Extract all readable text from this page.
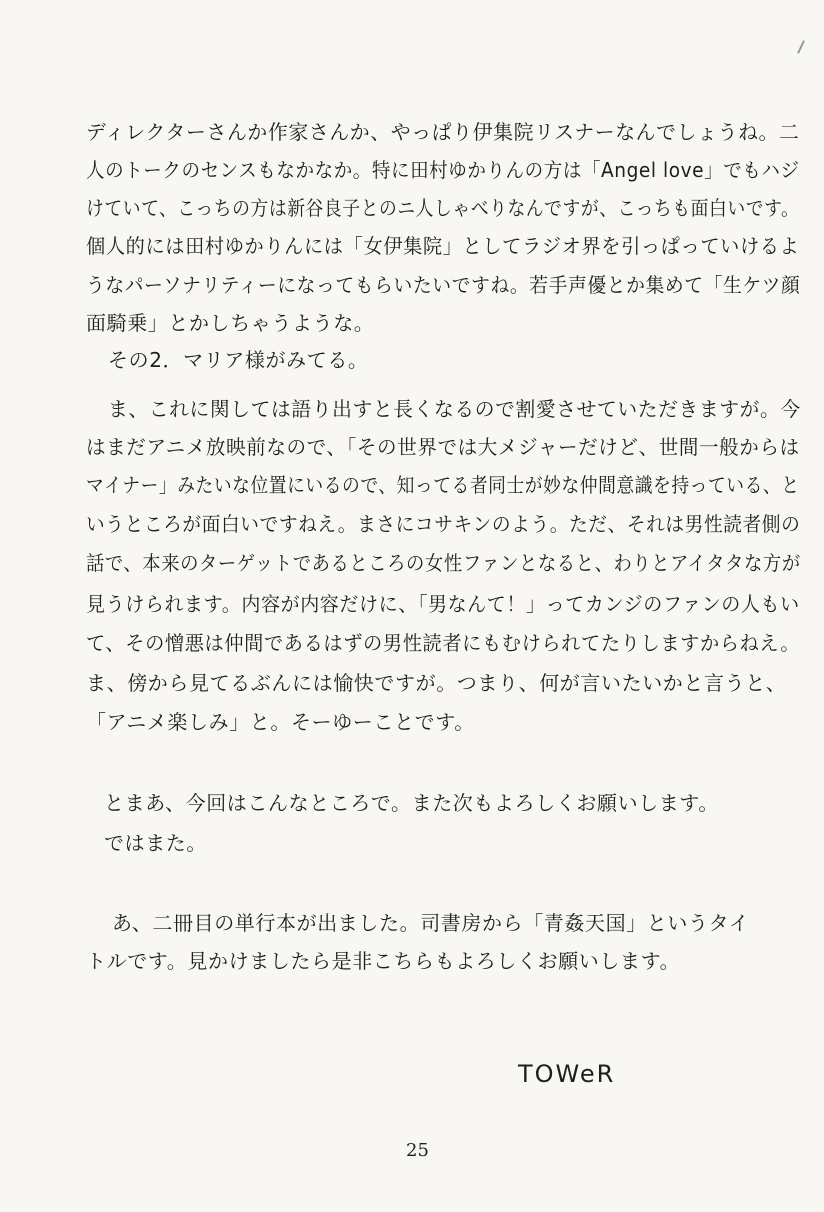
ディレクターさんか作家さんか、やっぱり伊集院リスナーなんでしょうね。二
人のトークのセンスもなかなか。特に田村ゆかりんの方は「Angel love」でもハジ
けていて、こっちの方は新谷良子とのニ人しゃべりなんですが、こっちも面白いです。
個人的には田村ゆかりんには「女伊集院」としてラジオ界を引っぱっていけるよ
うなパーソナリティーになってもらいたいですね。若手声優とか集めて「生ケツ顔
面騎乗」とかしちゃうような。
その2．マリア様がみてる。
ま、これに関しては語り出すと長くなるので割愛させていただきますが。今
はまだアニメ放映前なので、「その世界では大メジャーだけど、世間一般からは
マイナー」みたいな位置にいるので、知ってる者同士が妙な仲間意識を持っている、と
いうところが面白いですねえ。まさにコサキンのよう。ただ、それは男性読者側の
話で、本来のターゲットであるところの女性ファンとなると、わりとアイタタな方が
見うけられます。内容が内容だけに、「男なんて！」ってカンジのファンの人もい
て、その憎悪は仲間であるはずの男性読者にもむけられてたりしますからねえ。
ま、傍から見てるぶんには愉快ですが。つまり、何が言いたいかと言うと、
「アニメ楽しみ」と。そーゆーことです。
とまあ、今回はこんなところで。また次もよろしくお願いします。
ではまた。
あ、二冊目の単行本が出ました。司書房から「青姦天国」というタイ
トルです。見かけましたら是非こちらもよろしくお願いします。
TOWeR
25
